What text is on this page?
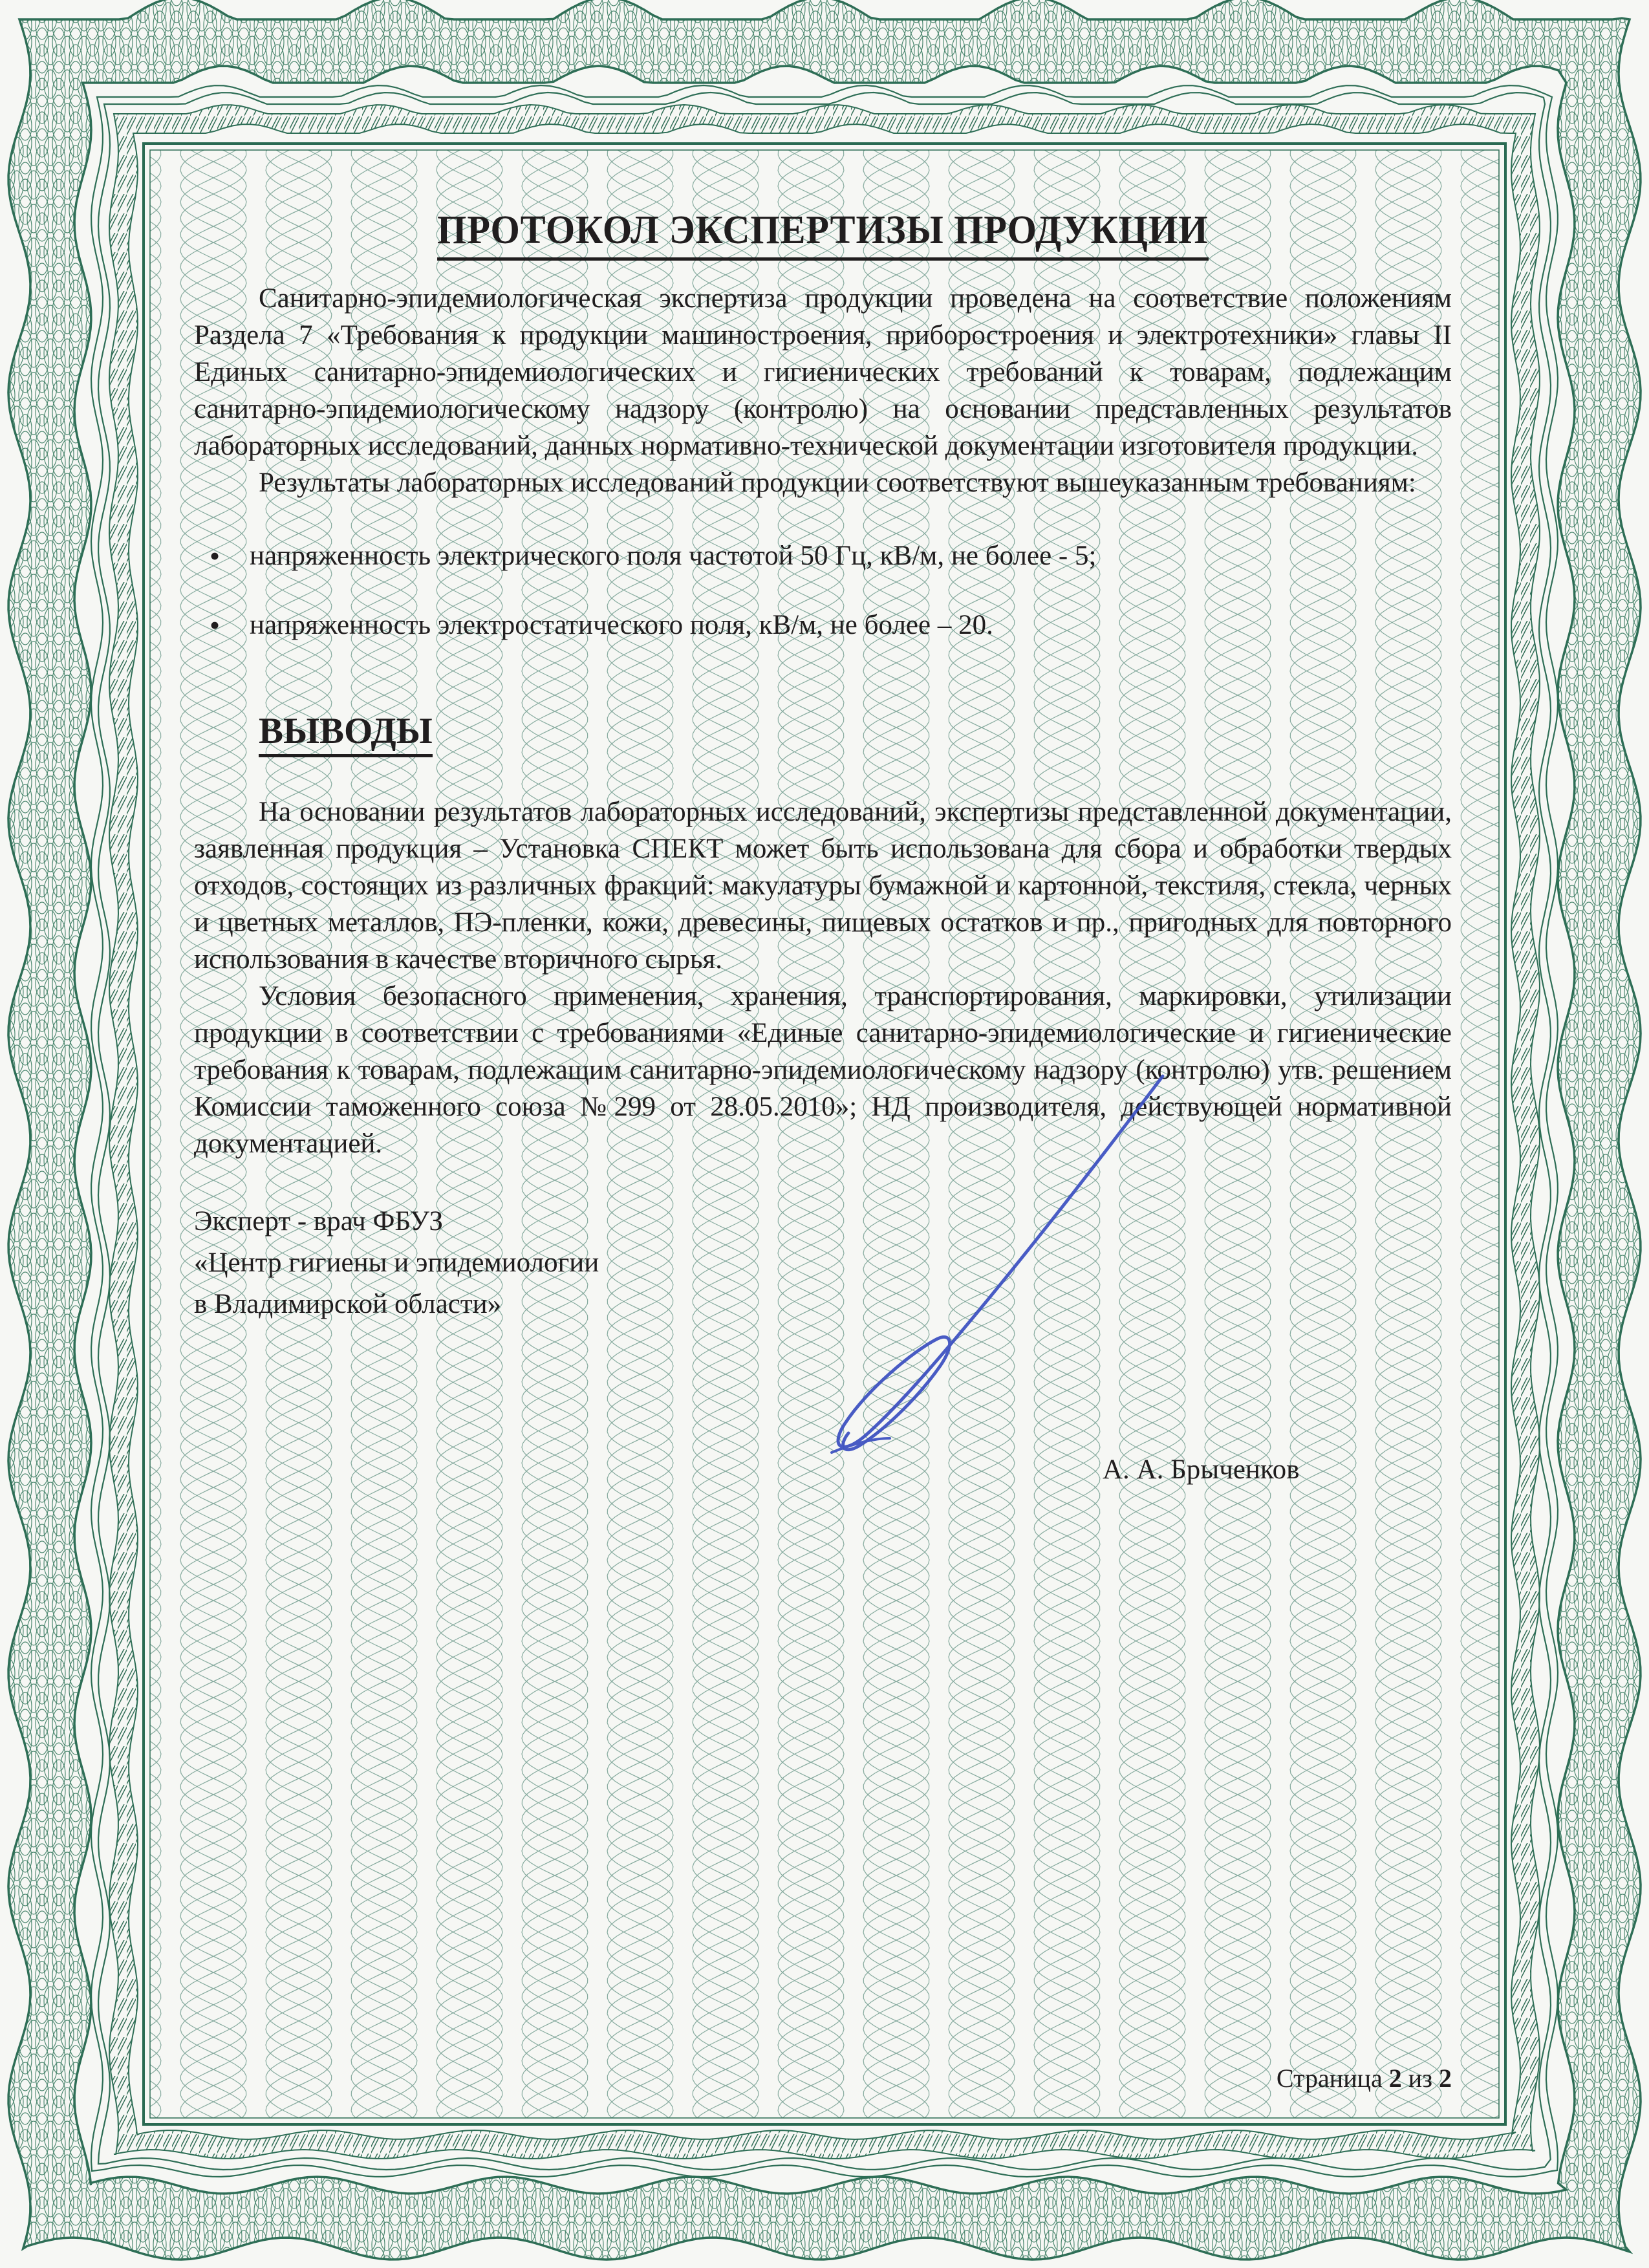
ПРОТОКОЛ ЭКСПЕРТИЗЫ ПРОДУКЦИИ

Санитарно-эпидемиологическая экспертиза продукции проведена на соответствие положениям Раздела 7 «Требования к продукции машиностроения, приборостроения и электротехники» главы II Единых санитарно-эпидемиологических и гигиенических требований к товарам, подлежащим санитарно-эпидемиологическому надзору (контролю) на основании представленных результатов лабораторных исследований, данных нормативно-технической документации изготовителя продукции.

Результаты лабораторных исследований продукции соответствуют вышеуказанным требованиям:

•	напряженность электрического поля частотой 50 Гц, кВ/м, не более - 5;
•	напряженность электростатического поля, кВ/м, не более – 20.
ВЫВОДЫ

На основании результатов лабораторных исследований, экспертизы представленной документации, заявленная продукция – Установка СПЕКТ может быть использована для сбора и обработки твердых отходов, состоящих из различных фракций: макулатуры бумажной и картонной, текстиля, стекла, черных и цветных металлов, ПЭ-пленки, кожи, древесины, пищевых остатков и пр., пригодных для повторного использования в качестве вторичного сырья.

Условия безопасного применения, хранения, транспортирования, маркировки, утилизации продукции в соответствии с требованиями «Единые санитарно-эпидемиологические и гигиенические требования к товарам, подлежащим санитарно-эпидемиологическому надзору (контролю) утв. решением Комиссии таможенного союза №299 от 28.05.2010»; НД производителя, действующей нормативной документацией.

Эксперт - врач ФБУЗ
«Центр гигиены и эпидемиологии
в Владимирской области»
А. А. Брыченков
Страница 2 из 2
